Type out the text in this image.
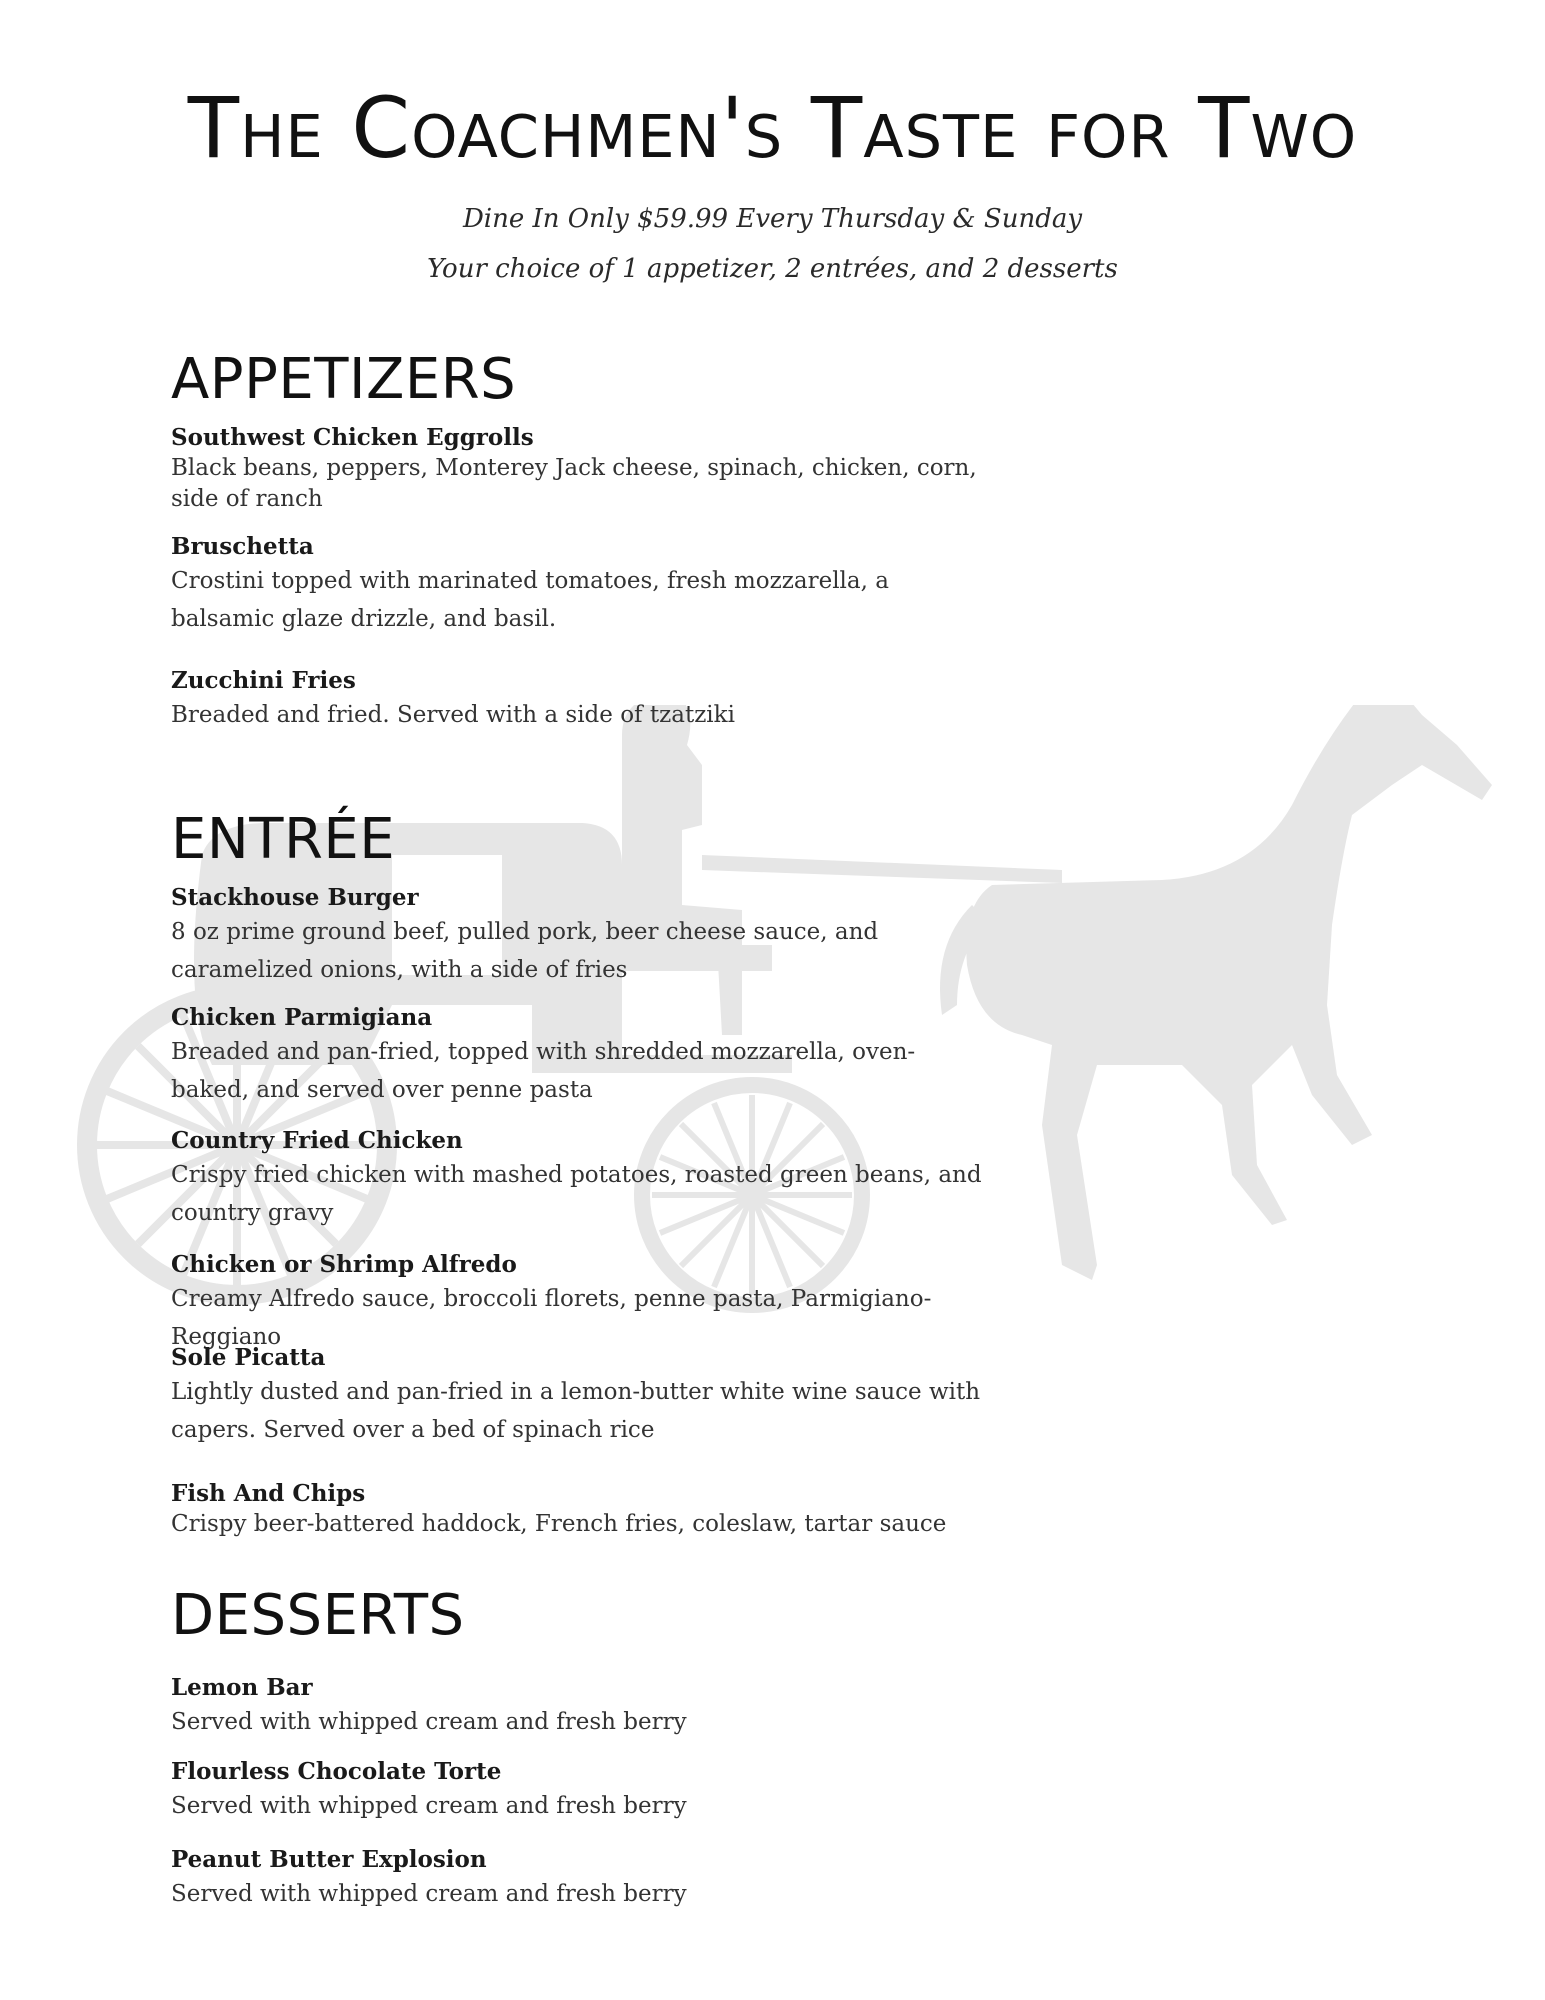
The Coachmen's Taste for Two

Dine In Only $59.99 Every Thursday & Sunday

Your choice of 1 appetizer, 2 entrées, and 2 desserts

APPETIZERS
Southwest Chicken Eggrolls
Black beans, peppers, Monterey Jack cheese, spinach, chicken, corn, side of ranch
Bruschetta
Crostini topped with marinated tomatoes, fresh mozzarella, a balsamic glaze drizzle, and basil.
Zucchini Fries
Breaded and fried. Served with a side of tzatziki
ENTRÉE
Stackhouse Burger
8 oz prime ground beef, pulled pork, beer cheese sauce, and caramelized onions, with a side of fries
Chicken Parmigiana
Breaded and pan-fried, topped with shredded mozzarella, oven-baked, and served over penne pasta
Country Fried Chicken
Crispy fried chicken with mashed potatoes, roasted green beans, and country gravy
Chicken or Shrimp Alfredo
Creamy Alfredo sauce, broccoli florets, penne pasta, Parmigiano-Reggiano
Sole Picatta
Lightly dusted and pan-fried in a lemon-butter white wine sauce with capers. Served over a bed of spinach rice
Fish And Chips
Crispy beer-battered haddock, French fries, coleslaw, tartar sauce
DESSERTS
Lemon Bar
Served with whipped cream and fresh berry
Flourless Chocolate Torte
Served with whipped cream and fresh berry
Peanut Butter Explosion
Served with whipped cream and fresh berry
